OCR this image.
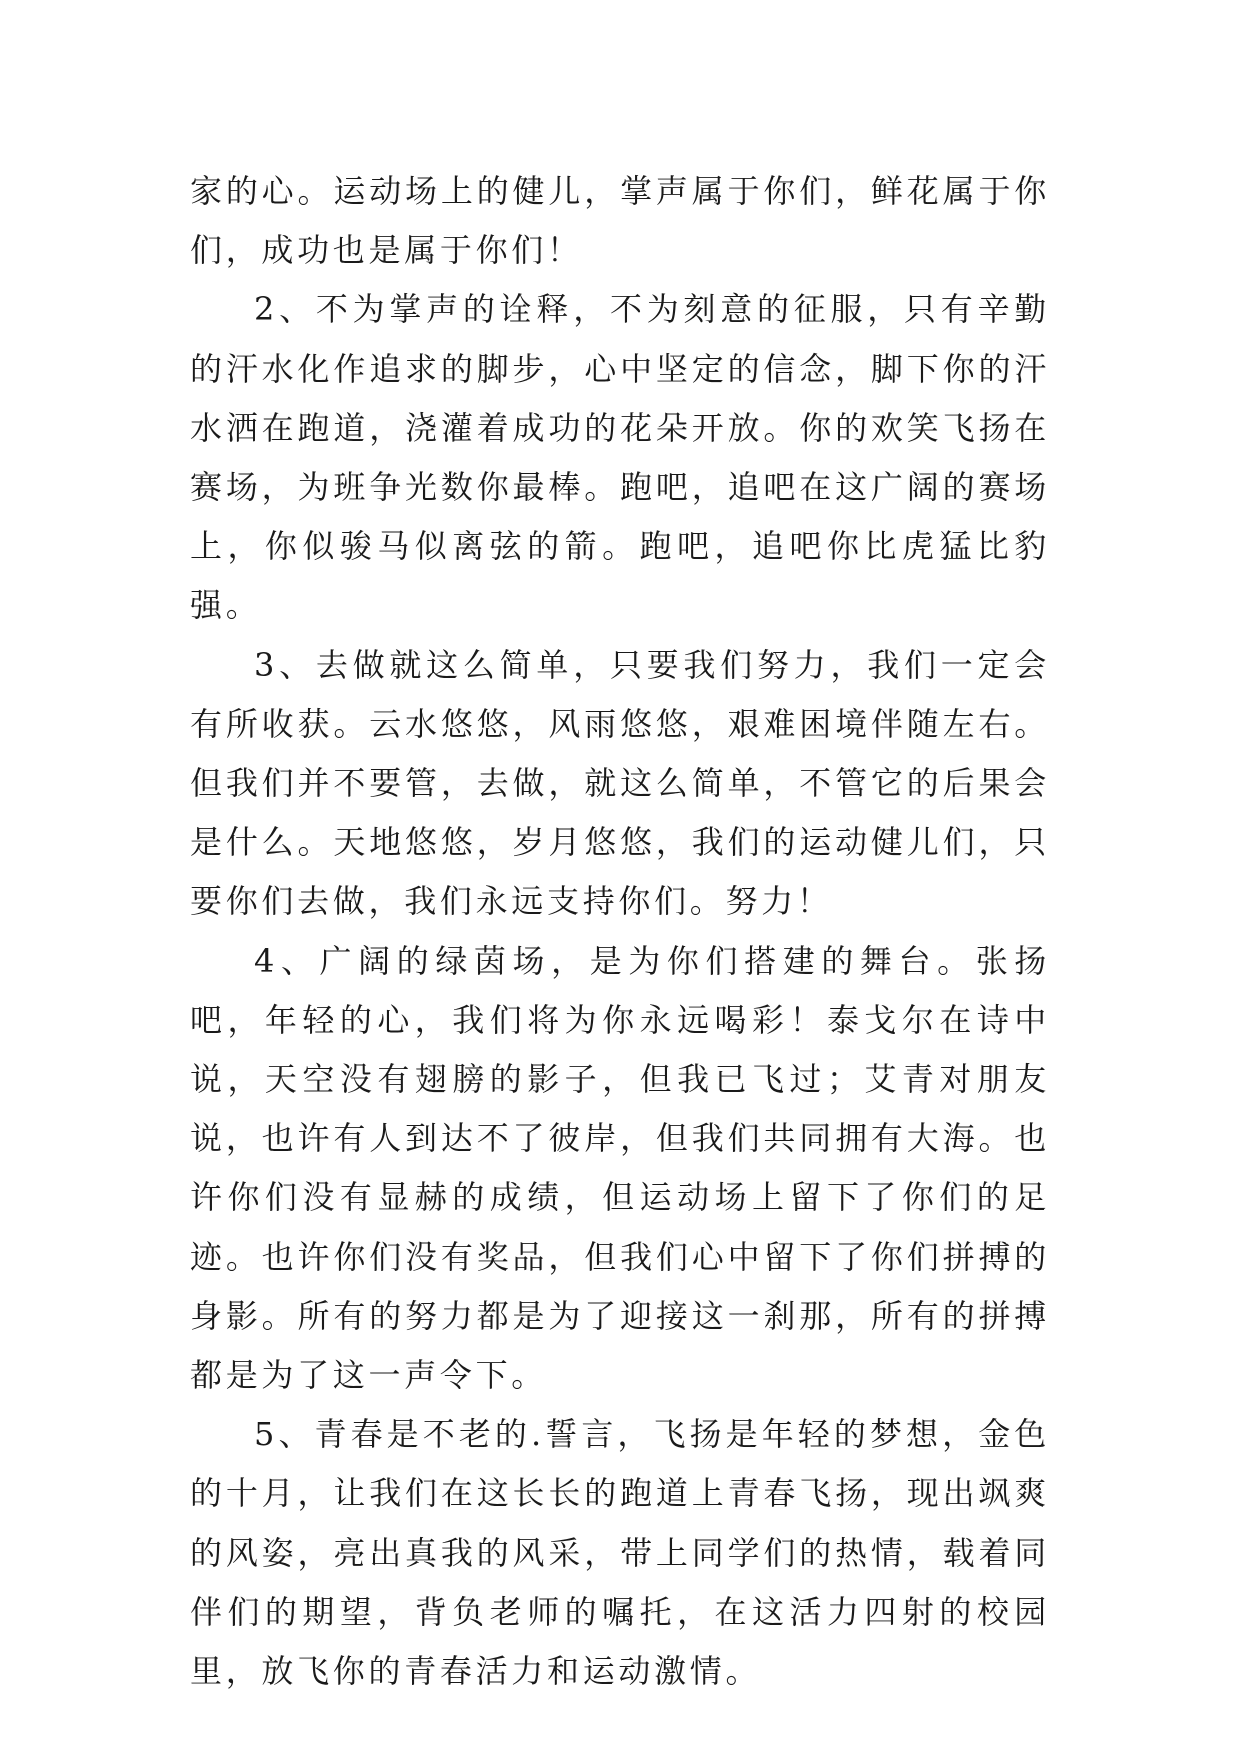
家的心。运动场上的健儿，掌声属于你们，鲜花属于你们，成功也是属于你们！

2、不为掌声的诠释，不为刻意的征服，只有辛勤的汗水化作追求的脚步，心中坚定的信念，脚下你的汗水洒在跑道，浇灌着成功的花朵开放。你的欢笑飞扬在赛场，为班争光数你最棒。跑吧，追吧在这广阔的赛场上，你似骏马似离弦的箭。跑吧，追吧你比虎猛比豹强。

3、去做就这么简单，只要我们努力，我们一定会有所收获。云水悠悠，风雨悠悠，艰难困境伴随左右。但我们并不要管，去做，就这么简单，不管它的后果会是什么。天地悠悠，岁月悠悠，我们的运动健儿们，只要你们去做，我们永远支持你们。努力！

4、广阔的绿茵场，是为你们搭建的舞台。张扬吧，年轻的心，我们将为你永远喝彩！泰戈尔在诗中说，天空没有翅膀的影子，但我已飞过；艾青对朋友说，也许有人到达不了彼岸，但我们共同拥有大海。也许你们没有显赫的成绩，但运动场上留下了你们的足迹。也许你们没有奖品，但我们心中留下了你们拼搏的身影。所有的努力都是为了迎接这一刹那，所有的拼搏都是为了这一声令下。

5、青春是不老的.誓言，飞扬是年轻的梦想，金色的十月，让我们在这长长的跑道上青春飞扬，现出飒爽的风姿，亮出真我的风采，带上同学们的热情，载着同伴们的期望，背负老师的嘱托，在这活力四射的校园里，放飞你的青春活力和运动激情。
